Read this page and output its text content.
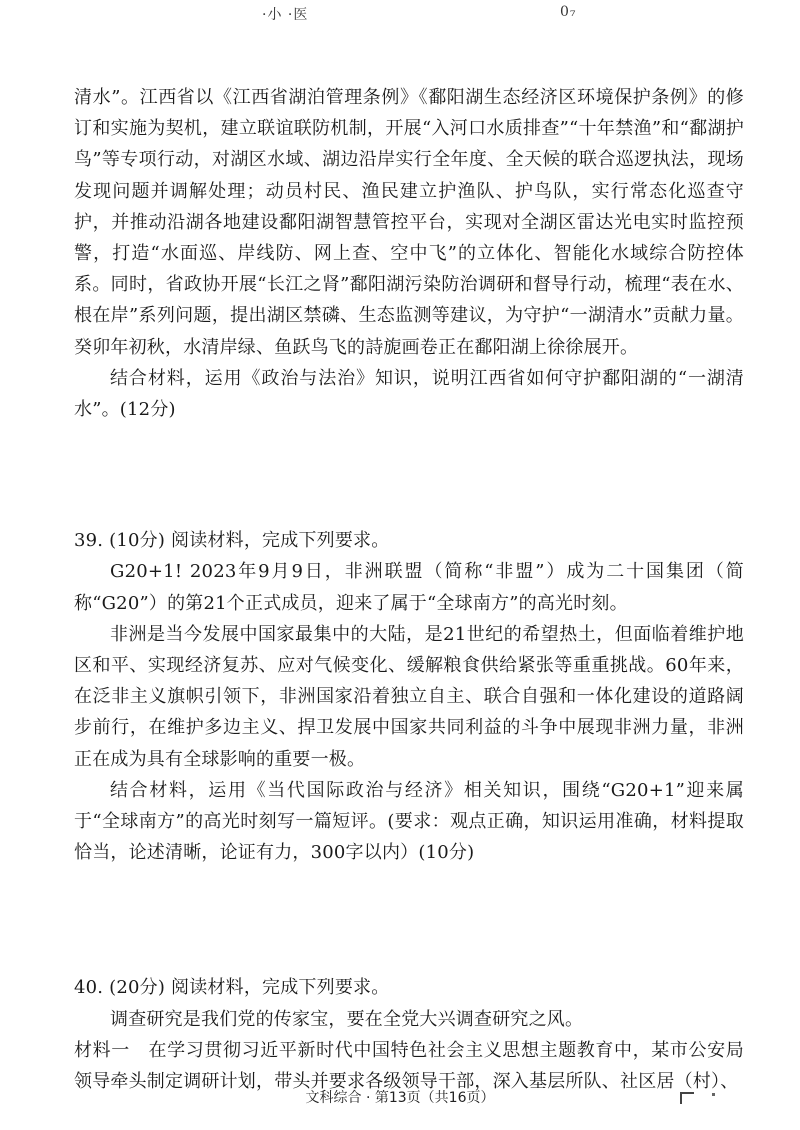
·小 ·医	0₇

清水”。江西省以《江西省湖泊管理条例》《鄱阳湖生态经济区环境保护条例》的修订和实施为契机，建立联谊联防机制，开展“入河口水质排查”“十年禁渔”和“鄱湖护鸟”等专项行动，对湖区水域、湖边沿岸实行全年度、全天候的联合巡逻执法，现场发现问题并调解处理；动员村民、渔民建立护渔队、护鸟队，实行常态化巡查守护，并推动沿湖各地建设鄱阳湖智慧管控平台，实现对全湖区雷达光电实时监控预警，打造“水面巡、岸线防、网上查、空中飞”的立体化、智能化水域综合防控体系。同时，省政协开展“长江之肾”鄱阳湖污染防治调研和督导行动，梳理“表在水、根在岸”系列问题，提出湖区禁磷、生态监测等建议，为守护“一湖清水”贡献力量。癸卯年初秋，水清岸绿、鱼跃鸟飞的詩旎画卷正在鄱阳湖上徐徐展开。

结合材料，运用《政治与法治》知识，说明江西省如何守护鄱阳湖的“一湖清水”。(12分)

39. (10分) 阅读材料，完成下列要求。

G20+1! 2023年9月9日，非洲联盟（简称“非盟”）成为二十国集团（简称“G20”）的第21个正式成员，迎来了属于“全球南方”的高光时刻。

非洲是当今发展中国家最集中的大陆，是21世纪的希望热土，但面临着维护地区和平、实现经济复苏、应对气候变化、缓解粮食供给紧张等重重挑战。60年来，在泛非主义旗帜引领下，非洲国家沿着独立自主、联合自强和一体化建设的道路阔步前行，在维护多边主义、捍卫发展中国家共同利益的斗争中展现非洲力量，非洲正在成为具有全球影响的重要一极。

结合材料，运用《当代国际政治与经济》相关知识，围绕“G20+1”迎来属于“全球南方”的高光时刻写一篇短评。(要求：观点正确，知识运用准确，材料提取恰当，论述清晰，论证有力，300字以内）(10分)

40. (20分) 阅读材料，完成下列要求。

调查研究是我们党的传家宝，要在全党大兴调查研究之风。

材料一　在学习贯彻习近平新时代中国特色社会主义思想主题教育中，某市公安局领导牵头制定调研计划，带头并要求各级领导干部，深入基层所队、社区居（村）、

文科综合 · 第13页（共16页）
